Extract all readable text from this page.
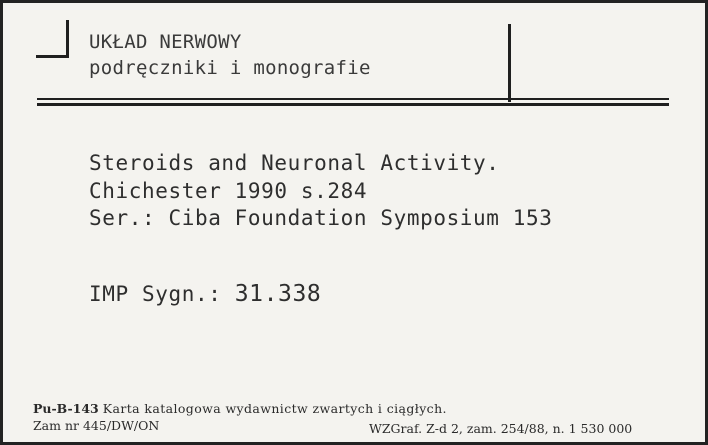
UKŁAD NERWOWY
podręczniki i monografie
Steroids and Neuronal Activity.
Chichester 1990 s.284
Ser.: Ciba Foundation Symposium 153
IMP Sygn.: 31.338
Pu-B-143 Karta katalogowa wydawnictw zwartych i ciągłych.
Zam nr 445/DW/ON	WZGraf. Z-d 2, zam. 254/88, n. 1 530 000
